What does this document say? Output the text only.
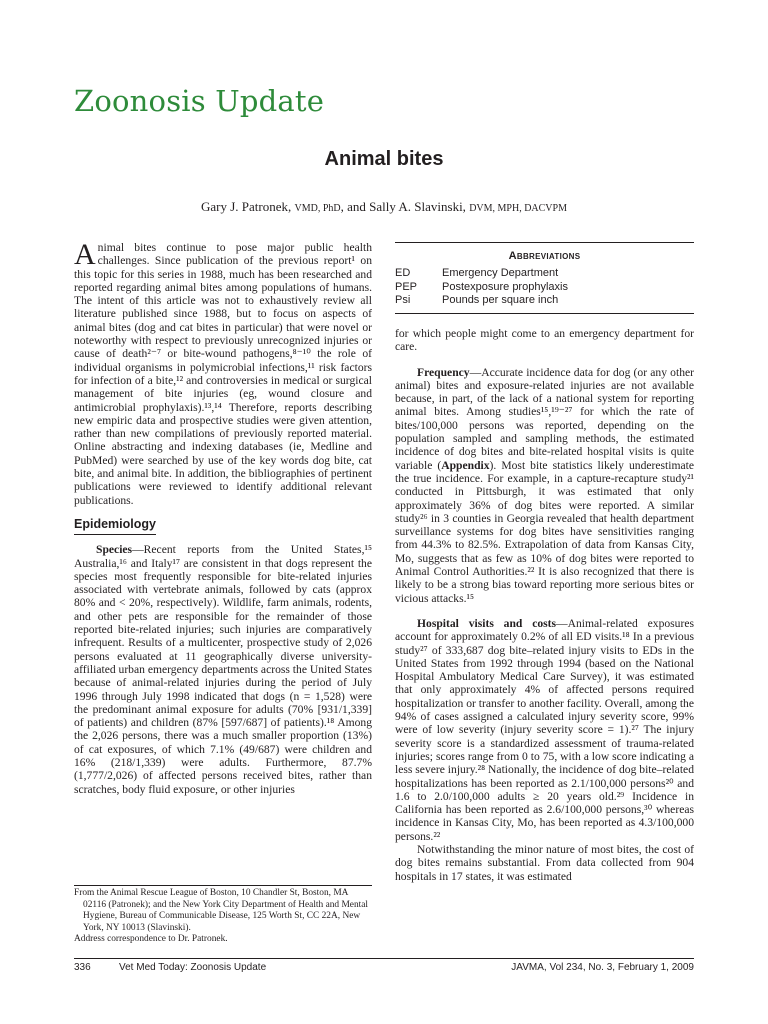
Zoonosis Update
Animal bites
Gary J. Patronek, VMD, PhD, and Sally A. Slavinski, DVM, MPH, DACVPM

Animal bites continue to pose major public health challenges. Since publication of the previous report¹ on this topic for this series in 1988, much has been researched and reported regarding animal bites among populations of humans. The intent of this article was not to exhaustively review all literature published since 1988, but to focus on aspects of animal bites (dog and cat bites in particular) that were novel or noteworthy with respect to previously unrecognized injuries or cause of death²⁻⁷ or bite-wound pathogens,⁸⁻¹⁰ the role of individual organisms in polymicrobial infections,¹¹ risk factors for infection of a bite,¹² and controversies in medical or surgical management of bite injuries (eg, wound closure and antimicrobial prophylaxis).¹³,¹⁴ Therefore, reports describing new empiric data and prospective studies were given attention, rather than new compilations of previously reported material. Online abstracting and indexing databases (ie, Medline and PubMed) were searched by use of the key words dog bite, cat bite, and animal bite. In addition, the bibliographies of pertinent publications were reviewed to identify additional relevant publications.

Epidemiology

Species—Recent reports from the United States,¹⁵ Australia,¹⁶ and Italy¹⁷ are consistent in that dogs represent the species most frequently responsible for bite-related injuries associated with vertebrate animals, followed by cats (approx 80% and < 20%, respectively). Wildlife, farm animals, rodents, and other pets are responsible for the remainder of those reported bite-related injuries; such injuries are comparatively infrequent. Results of a multicenter, prospective study of 2,026 persons evaluated at 11 geographically diverse university-affiliated urban emergency departments across the United States because of animal-related injuries during the period of July 1996 through July 1998 indicated that dogs (n = 1,528) were the predominant animal exposure for adults (70% [931/1,339] of patients) and children (87% [597/687] of patients).¹⁸ Among the 2,026 persons, there was a much smaller proportion (13%) of cat exposures, of which 7.1% (49/687) were children and 16% (218/1,339) were adults. Furthermore, 87.7% (1,777/2,026) of affected persons received bites, rather than scratches, body fluid exposure, or other injuries

Abbreviations
ED	Emergency Department
PEP	Postexposure prophylaxis
Psi	Pounds per square inch

for which people might come to an emergency department for care.

Frequency—Accurate incidence data for dog (or any other animal) bites and exposure-related injuries are not available because, in part, of the lack of a national system for reporting animal bites. Among studies¹⁵,¹⁹⁻²⁷ for which the rate of bites/100,000 persons was reported, depending on the population sampled and sampling methods, the estimated incidence of dog bites and bite-related hospital visits is quite variable (Appendix). Most bite statistics likely underestimate the true incidence. For example, in a capture-recapture study²¹ conducted in Pittsburgh, it was estimated that only approximately 36% of dog bites were reported. A similar study²⁶ in 3 counties in Georgia revealed that health department surveillance systems for dog bites have sensitivities ranging from 44.3% to 82.5%. Extrapolation of data from Kansas City, Mo, suggests that as few as 10% of dog bites were reported to Animal Control Authorities.²² It is also recognized that there is likely to be a strong bias toward reporting more serious bites or vicious attacks.¹⁵

Hospital visits and costs—Animal-related exposures account for approximately 0.2% of all ED visits.¹⁸ In a previous study²⁷ of 333,687 dog bite–related injury visits to EDs in the United States from 1992 through 1994 (based on the National Hospital Ambulatory Medical Care Survey), it was estimated that only approximately 4% of affected persons required hospitalization or transfer to another facility. Overall, among the 94% of cases assigned a calculated injury severity score, 99% were of low severity (injury severity score = 1).²⁷ The injury severity score is a standardized assessment of trauma-related injuries; scores range from 0 to 75, with a low score indicating a less severe injury.²⁸ Nationally, the incidence of dog bite–related hospitalizations has been reported as 2.1/100,000 persons²⁰ and 1.6 to 2.0/100,000 adults ≥ 20 years old.²⁹ Incidence in California has been reported as 2.6/100,000 persons,³⁰ whereas incidence in Kansas City, Mo, has been reported as 4.3/100,000 persons.²²

Notwithstanding the minor nature of most bites, the cost of dog bites remains substantial. From data collected from 904 hospitals in 17 states, it was estimated

From the Animal Rescue League of Boston, 10 Chandler St, Boston, MA 02116 (Patronek); and the New York City Department of Health and Mental Hygiene, Bureau of Communicable Disease, 125 Worth St, CC 22A, New York, NY 10013 (Slavinski).

Address correspondence to Dr. Patronek.

336	Vet Med Today: Zoonosis Update	JAVMA, Vol 234, No. 3, February 1, 2009
